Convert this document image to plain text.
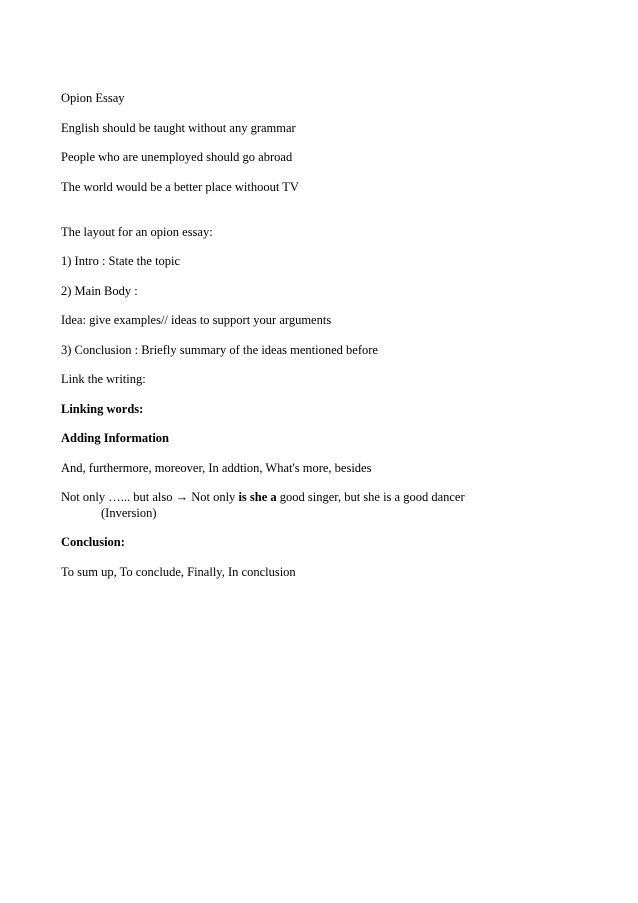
Opion Essay
English should be taught without any grammar
People who are unemployed should go abroad
The world would be a better place withoout TV
The layout for an opion essay:
1) Intro : State the topic
2) Main Body :
Idea: give examples// ideas to support your arguments
3) Conclusion : Briefly summary of the ideas mentioned before
Link the writing:
Linking words:
Adding Information
And, furthermore, moreover, In addtion, What's more, besides
Not only …... but also → Not only is she a good singer, but she is a good dancer
(Inversion)
Conclusion:
To sum up, To conclude, Finally, In conclusion
